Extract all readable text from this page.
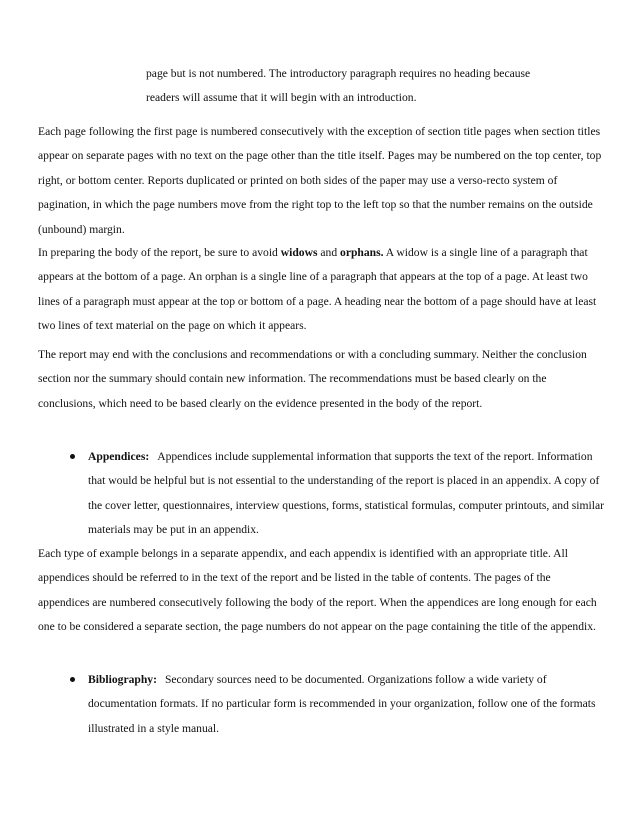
page but is not numbered. The introductory paragraph requires no heading because
readers will assume that it will begin with an introduction.

Each page following the first page is numbered consecutively with the exception of section title pages when section titles appear on separate pages with no text on the page other than the title itself. Pages may be numbered on the top center, top right, or bottom center. Reports duplicated or printed on both sides of the paper may use a verso-recto system of pagination, in which the page numbers move from the right top to the left top so that the number remains on the outside (unbound) margin.

In preparing the body of the report, be sure to avoid widows and orphans. A widow is a single line of a paragraph that appears at the bottom of a page. An orphan is a single line of a paragraph that appears at the top of a page. At least two lines of a paragraph must appear at the top or bottom of a page. A heading near the bottom of a page should have at least two lines of text material on the page on which it appears.

The report may end with the conclusions and recommendations or with a concluding summary. Neither the conclusion section nor the summary should contain new information. The recommendations must be based clearly on the conclusions, which need to be based clearly on the evidence presented in the body of the report.

Appendices: Appendices include supplemental information that supports the text of the report. Information that would be helpful but is not essential to the understanding of the report is placed in an appendix. A copy of the cover letter, questionnaires, interview questions, forms, statistical formulas, computer printouts, and similar materials may be put in an appendix.

Each type of example belongs in a separate appendix, and each appendix is identified with an appropriate title. All appendices should be referred to in the text of the report and be listed in the table of contents. The pages of the appendices are numbered consecutively following the body of the report. When the appendices are long enough for each one to be considered a separate section, the page numbers do not appear on the page containing the title of the appendix.

Bibliography: Secondary sources need to be documented. Organizations follow a wide variety of documentation formats. If no particular form is recommended in your organization, follow one of the formats illustrated in a style manual.
